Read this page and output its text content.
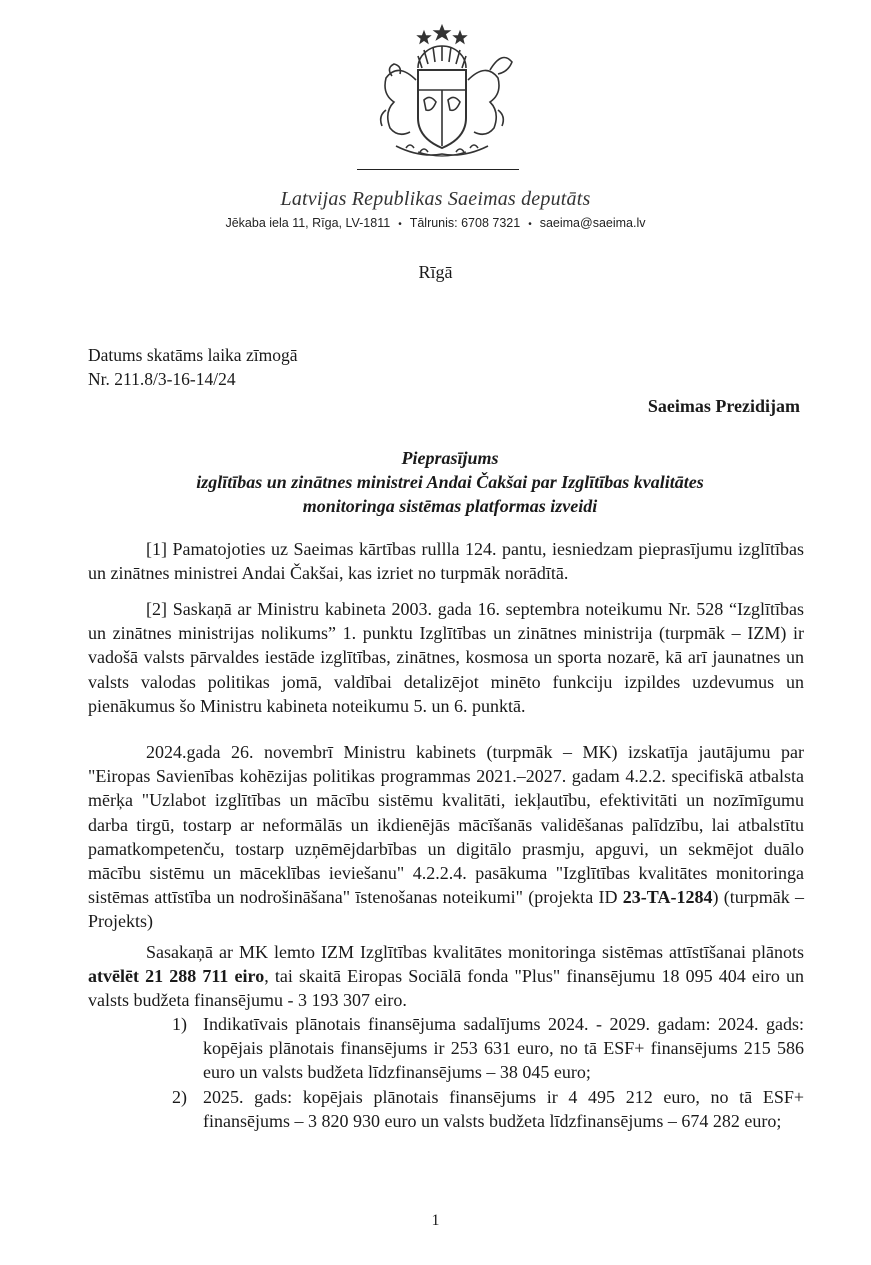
Latvijas Republikas Saeimas deputāts
Jēkaba iela 11, Rīga, LV-1811 • Tālrunis: 6708 7321 • saeima@saeima.lv
Rīgā
Datums skatāms laika zīmogā
Nr. 211.8/3-16-14/24
Saeimas Prezidijam
Pieprasījums
izglītības un zinātnes ministrei Andai Čakšai par Izglītības kvalitātes
monitoringa sistēmas platformas izveidi
[1] Pamatojoties uz Saeimas kārtības rullla 124. pantu, iesniedzam pieprasījumu izglītības un zinātnes ministrei Andai Čakšai, kas izriet no turpmāk norādītā.
[2] Saskaņā ar Ministru kabineta 2003. gada 16. septembra noteikumu Nr. 528 “Izglītības un zinātnes ministrijas nolikums” 1. punktu Izglītības un zinātnes ministrija (turpmāk – IZM) ir vadošā valsts pārvaldes iestāde izglītības, zinātnes, kosmosa un sporta nozarē, kā arī jaunatnes un valsts valodas politikas jomā, valdībai detalizējot minēto funkciju izpildes uzdevumus un pienākumus šo Ministru kabineta noteikumu 5. un 6. punktā.
2024.gada 26. novembrī Ministru kabinets (turpmāk – MK) izskatīja jautājumu par "Eiropas Savienības kohēzijas politikas programmas 2021.–2027. gadam 4.2.2. specifiskā atbalsta mērķa "Uzlabot izglītības un mācību sistēmu kvalitāti, iekļautību, efektivitāti un nozīmīgumu darba tirgū, tostarp ar neformālās un ikdienējās mācīšanās validēšanas palīdzību, lai atbalstītu pamatkompetenču, tostarp uzņēmējdarbības un digitālo prasmju, apguvi, un sekmējot duālo mācību sistēmu un māceklības ieviešanu" 4.2.2.4. pasākuma "Izglītības kvalitātes monitoringa sistēmas attīstība un nodrošināšana" īstenošanas noteikumi" (projekta ID 23-TA-1284) (turpmāk – Projekts)
Sasakaņā ar MK lemto IZM Izglītības kvalitātes monitoringa sistēmas attīstīšanai plānots atvēlēt 21 288 711 eiro, tai skaitā Eiropas Sociālā fonda "Plus" finansējumu 18 095 404 eiro un valsts budžeta finansējumu - 3 193 307 eiro.
1) Indikatīvais plānotais finansējuma sadalījums 2024. - 2029. gadam: 2024. gads: kopējais plānotais finansējums ir 253 631 euro, no tā ESF+ finansējums 215 586 euro un valsts budžeta līdzfinansējums – 38 045 euro;
2) 2025. gads: kopējais plānotais finansējums ir 4 495 212 euro, no tā ESF+ finansējums – 3 820 930 euro un valsts budžeta līdzfinansējums – 674 282 euro;
1
